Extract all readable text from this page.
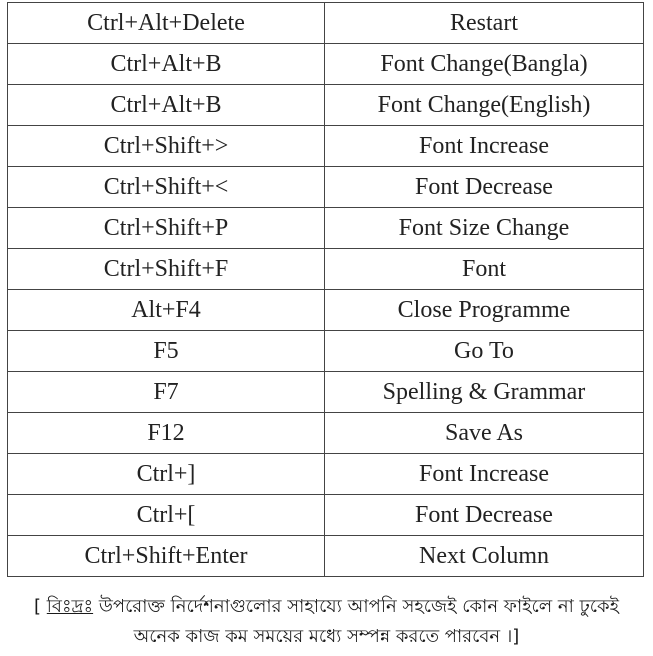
Ctrl+Alt+Delete	Restart
Ctrl+Alt+B	Font Change(Bangla)
Ctrl+Alt+B	Font Change(English)
Ctrl+Shift+>	Font Increase
Ctrl+Shift+<	Font Decrease
Ctrl+Shift+P	Font Size Change
Ctrl+Shift+F	Font
Alt+F4	Close Programme
F5	Go To
F7	Spelling & Grammar
F12	Save As
Ctrl+]	Font Increase
Ctrl+[	Font Decrease
Ctrl+Shift+Enter	Next Column
[ বিঃদ্রঃ উপরোক্ত নির্দেশনাগুলোর সাহায্যে আপনি সহজেই কোন ফাইলে না ঢুকেই অনেক কাজ কম সময়ের মধ্যে সম্পন্ন করতে পারবেন ।]
